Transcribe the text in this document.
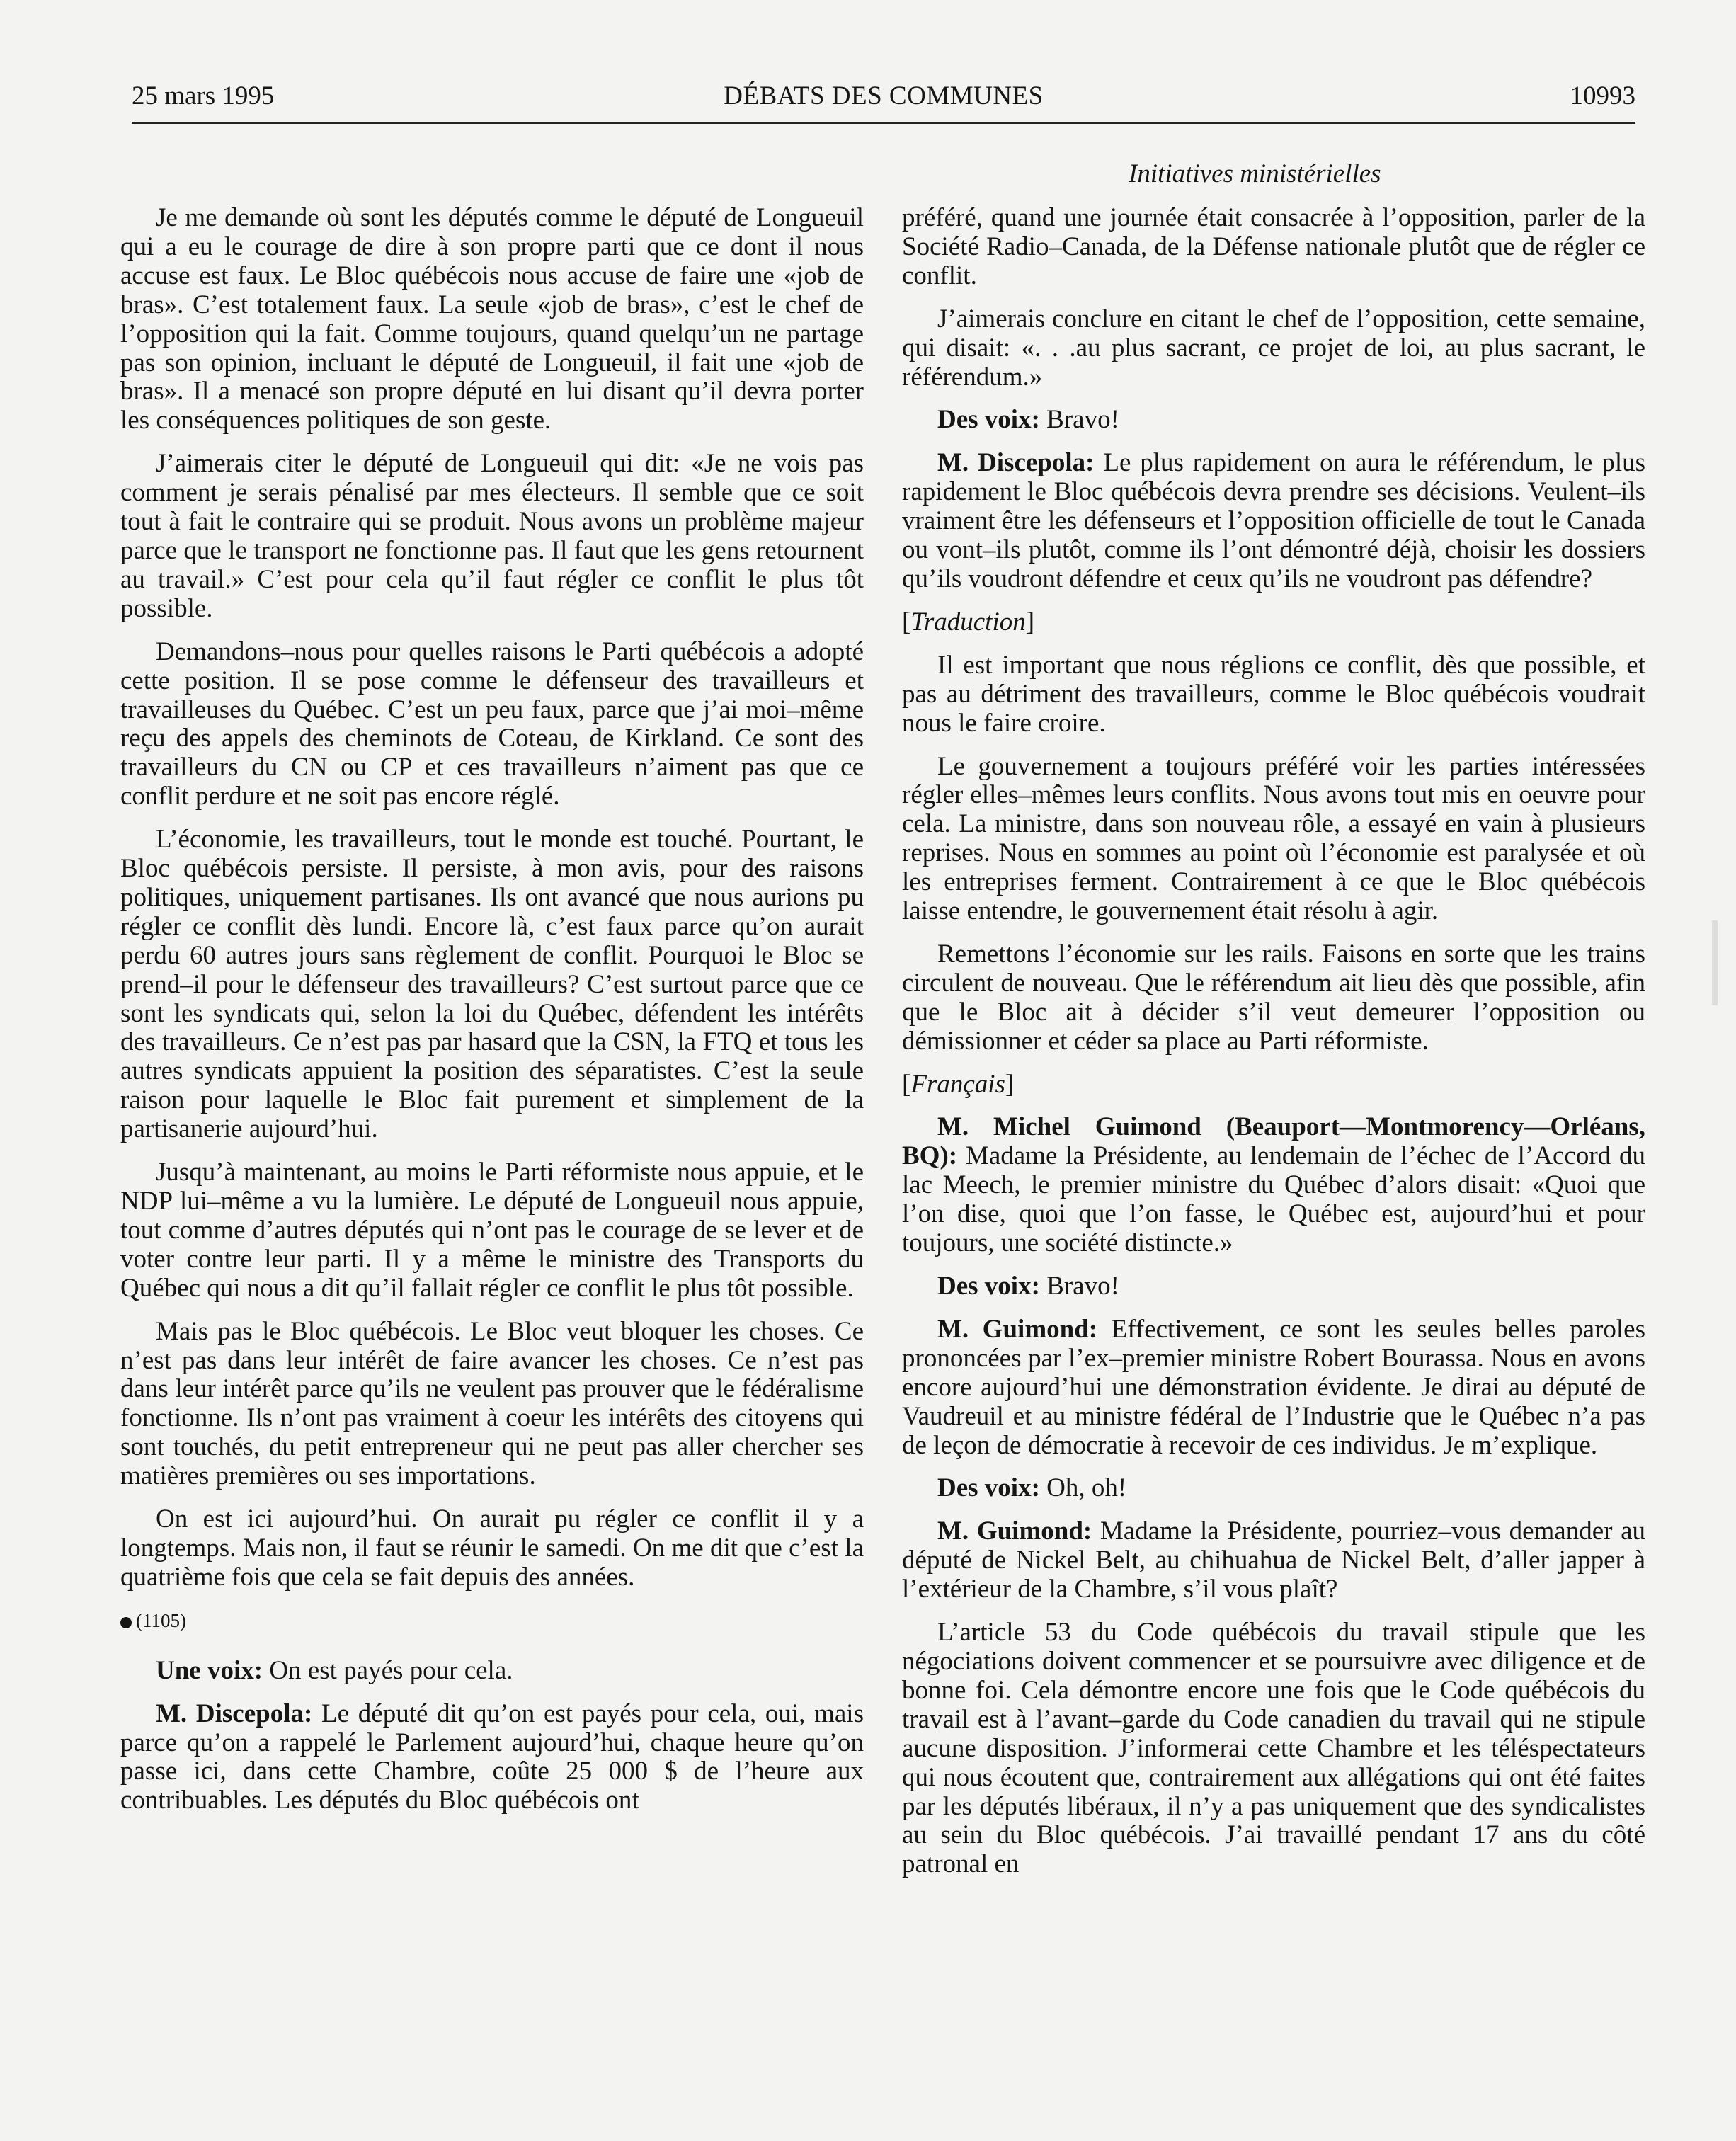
25 mars 1995	DÉBATS DES COMMUNES	10993
Initiatives ministérielles

Je me demande où sont les députés comme le député de Longueuil qui a eu le courage de dire à son propre parti que ce dont il nous accuse est faux. Le Bloc québécois nous accuse de faire une «job de bras». C’est totalement faux. La seule «job de bras», c’est le chef de l’opposition qui la fait. Comme toujours, quand quelqu’un ne partage pas son opinion, incluant le député de Longueuil, il fait une «job de bras». Il a menacé son propre député en lui disant qu’il devra porter les conséquences politiques de son geste.

J’aimerais citer le député de Longueuil qui dit: «Je ne vois pas comment je serais pénalisé par mes électeurs. Il semble que ce soit tout à fait le contraire qui se produit. Nous avons un problème majeur parce que le transport ne fonctionne pas. Il faut que les gens retournent au travail.» C’est pour cela qu’il faut régler ce conflit le plus tôt possible.

Demandons–nous pour quelles raisons le Parti québécois a adopté cette position. Il se pose comme le défenseur des travailleurs et travailleuses du Québec. C’est un peu faux, parce que j’ai moi–même reçu des appels des cheminots de Coteau, de Kirkland. Ce sont des travailleurs du CN ou CP et ces travailleurs n’aiment pas que ce conflit perdure et ne soit pas encore réglé.

L’économie, les travailleurs, tout le monde est touché. Pourtant, le Bloc québécois persiste. Il persiste, à mon avis, pour des raisons politiques, uniquement partisanes. Ils ont avancé que nous aurions pu régler ce conflit dès lundi. Encore là, c’est faux parce qu’on aurait perdu 60 autres jours sans règlement de conflit. Pourquoi le Bloc se prend–il pour le défenseur des travailleurs? C’est surtout parce que ce sont les syndicats qui, selon la loi du Québec, défendent les intérêts des travailleurs. Ce n’est pas par hasard que la CSN, la FTQ et tous les autres syndicats appuient la position des séparatistes. C’est la seule raison pour laquelle le Bloc fait purement et simplement de la partisanerie aujourd’hui.

Jusqu’à maintenant, au moins le Parti réformiste nous appuie, et le NDP lui–même a vu la lumière. Le député de Longueuil nous appuie, tout comme d’autres députés qui n’ont pas le courage de se lever et de voter contre leur parti. Il y a même le ministre des Transports du Québec qui nous a dit qu’il fallait régler ce conflit le plus tôt possible.

Mais pas le Bloc québécois. Le Bloc veut bloquer les choses. Ce n’est pas dans leur intérêt de faire avancer les choses. Ce n’est pas dans leur intérêt parce qu’ils ne veulent pas prouver que le fédéralisme fonctionne. Ils n’ont pas vraiment à coeur les intérêts des citoyens qui sont touchés, du petit entrepreneur qui ne peut pas aller chercher ses matières premières ou ses importations.

On est ici aujourd’hui. On aurait pu régler ce conflit il y a longtemps. Mais non, il faut se réunir le samedi. On me dit que c’est la quatrième fois que cela se fait depuis des années.

(1105)

Une voix: On est payés pour cela.

M. Discepola: Le député dit qu’on est payés pour cela, oui, mais parce qu’on a rappelé le Parlement aujourd’hui, chaque heure qu’on passe ici, dans cette Chambre, coûte 25 000 $ de l’heure aux contribuables. Les députés du Bloc québécois ont

préféré, quand une journée était consacrée à l’opposition, parler de la Société Radio–Canada, de la Défense nationale plutôt que de régler ce conflit.

J’aimerais conclure en citant le chef de l’opposition, cette semaine, qui disait: «. . .au plus sacrant, ce projet de loi, au plus sacrant, le référendum.»

Des voix: Bravo!

M. Discepola: Le plus rapidement on aura le référendum, le plus rapidement le Bloc québécois devra prendre ses décisions. Veulent–ils vraiment être les défenseurs et l’opposition officielle de tout le Canada ou vont–ils plutôt, comme ils l’ont démontré déjà, choisir les dossiers qu’ils voudront défendre et ceux qu’ils ne voudront pas défendre?

[Traduction]

Il est important que nous réglions ce conflit, dès que possible, et pas au détriment des travailleurs, comme le Bloc québécois voudrait nous le faire croire.

Le gouvernement a toujours préféré voir les parties intéressées régler elles–mêmes leurs conflits. Nous avons tout mis en oeuvre pour cela. La ministre, dans son nouveau rôle, a essayé en vain à plusieurs reprises. Nous en sommes au point où l’économie est paralysée et où les entreprises ferment. Contrairement à ce que le Bloc québécois laisse entendre, le gouvernement était résolu à agir.

Remettons l’économie sur les rails. Faisons en sorte que les trains circulent de nouveau. Que le référendum ait lieu dès que possible, afin que le Bloc ait à décider s’il veut demeurer l’opposition ou démissionner et céder sa place au Parti réformiste.

[Français]

M. Michel Guimond (Beauport—Montmorency—Orléans, BQ): Madame la Présidente, au lendemain de l’échec de l’Accord du lac Meech, le premier ministre du Québec d’alors disait: «Quoi que l’on dise, quoi que l’on fasse, le Québec est, aujourd’hui et pour toujours, une société distincte.»

Des voix: Bravo!

M. Guimond: Effectivement, ce sont les seules belles paroles prononcées par l’ex–premier ministre Robert Bourassa. Nous en avons encore aujourd’hui une démonstration évidente. Je dirai au député de Vaudreuil et au ministre fédéral de l’Industrie que le Québec n’a pas de leçon de démocratie à recevoir de ces individus. Je m’explique.

Des voix: Oh, oh!

M. Guimond: Madame la Présidente, pourriez–vous demander au député de Nickel Belt, au chihuahua de Nickel Belt, d’aller japper à l’extérieur de la Chambre, s’il vous plaît?

L’article 53 du Code québécois du travail stipule que les négociations doivent commencer et se poursuivre avec diligence et de bonne foi. Cela démontre encore une fois que le Code québécois du travail est à l’avant–garde du Code canadien du travail qui ne stipule aucune disposition. J’informerai cette Chambre et les téléspectateurs qui nous écoutent que, contrairement aux allégations qui ont été faites par les députés libéraux, il n’y a pas uniquement que des syndicalistes au sein du Bloc québécois. J’ai travaillé pendant 17 ans du côté patronal en
